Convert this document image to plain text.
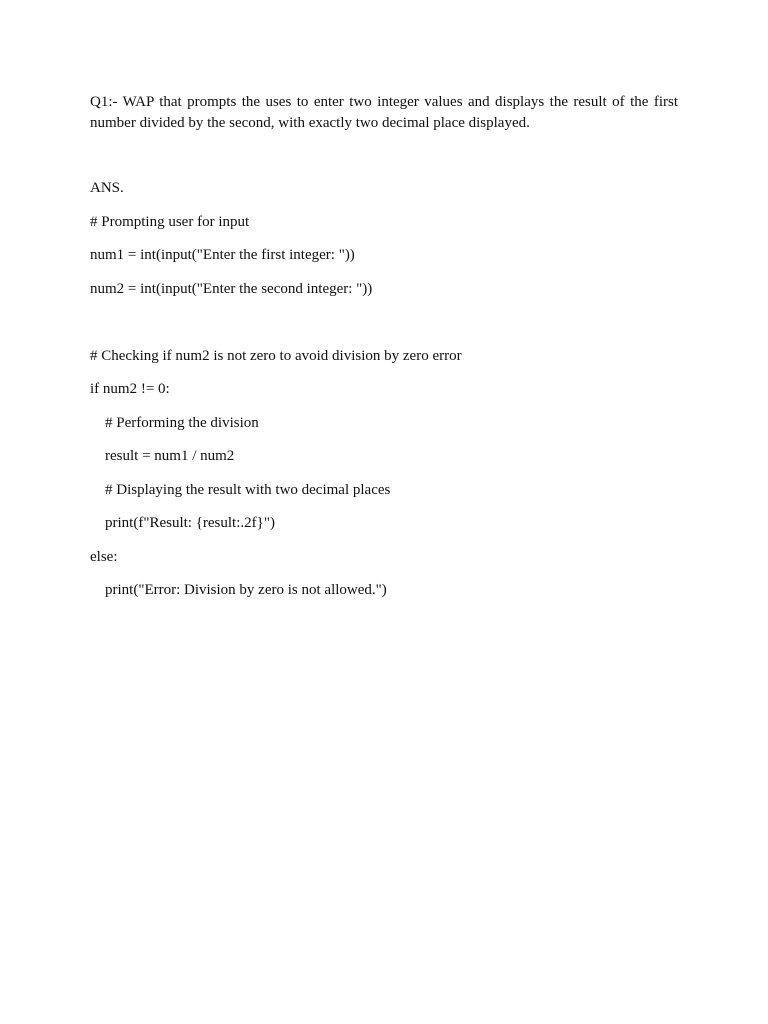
Q1:- WAP that prompts the uses to enter two integer values and displays the result of the first number divided by the second, with exactly two decimal place displayed.

ANS.

# Prompting user for input

num1 = int(input("Enter the first integer: "))

num2 = int(input("Enter the second integer: "))

# Checking if num2 is not zero to avoid division by zero error

if num2 != 0:

# Performing the division

result = num1 / num2

# Displaying the result with two decimal places

print(f"Result: {result:.2f}")

else:

print("Error: Division by zero is not allowed.")
